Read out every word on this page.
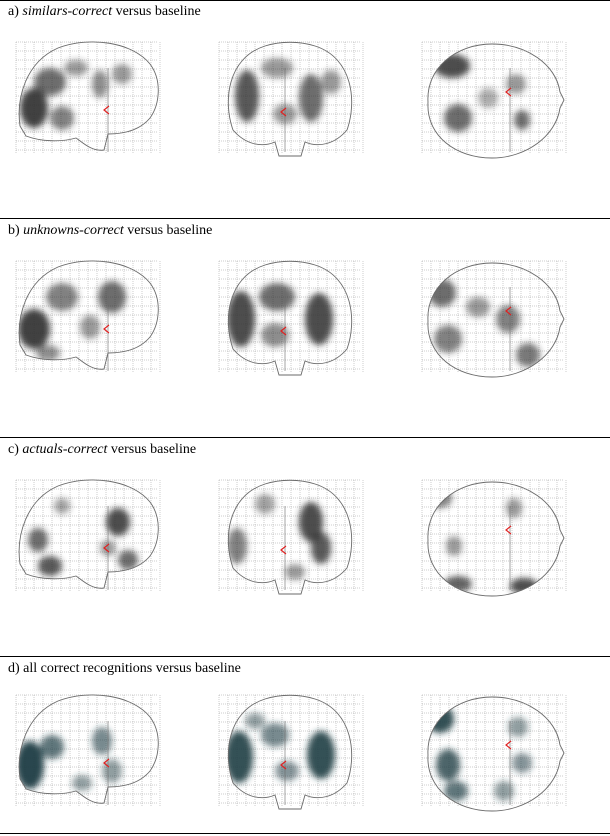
a) similars-correct versus baseline
b) unknowns-correct versus baseline
c) actuals-correct versus baseline
d) all correct recognitions versus baseline
